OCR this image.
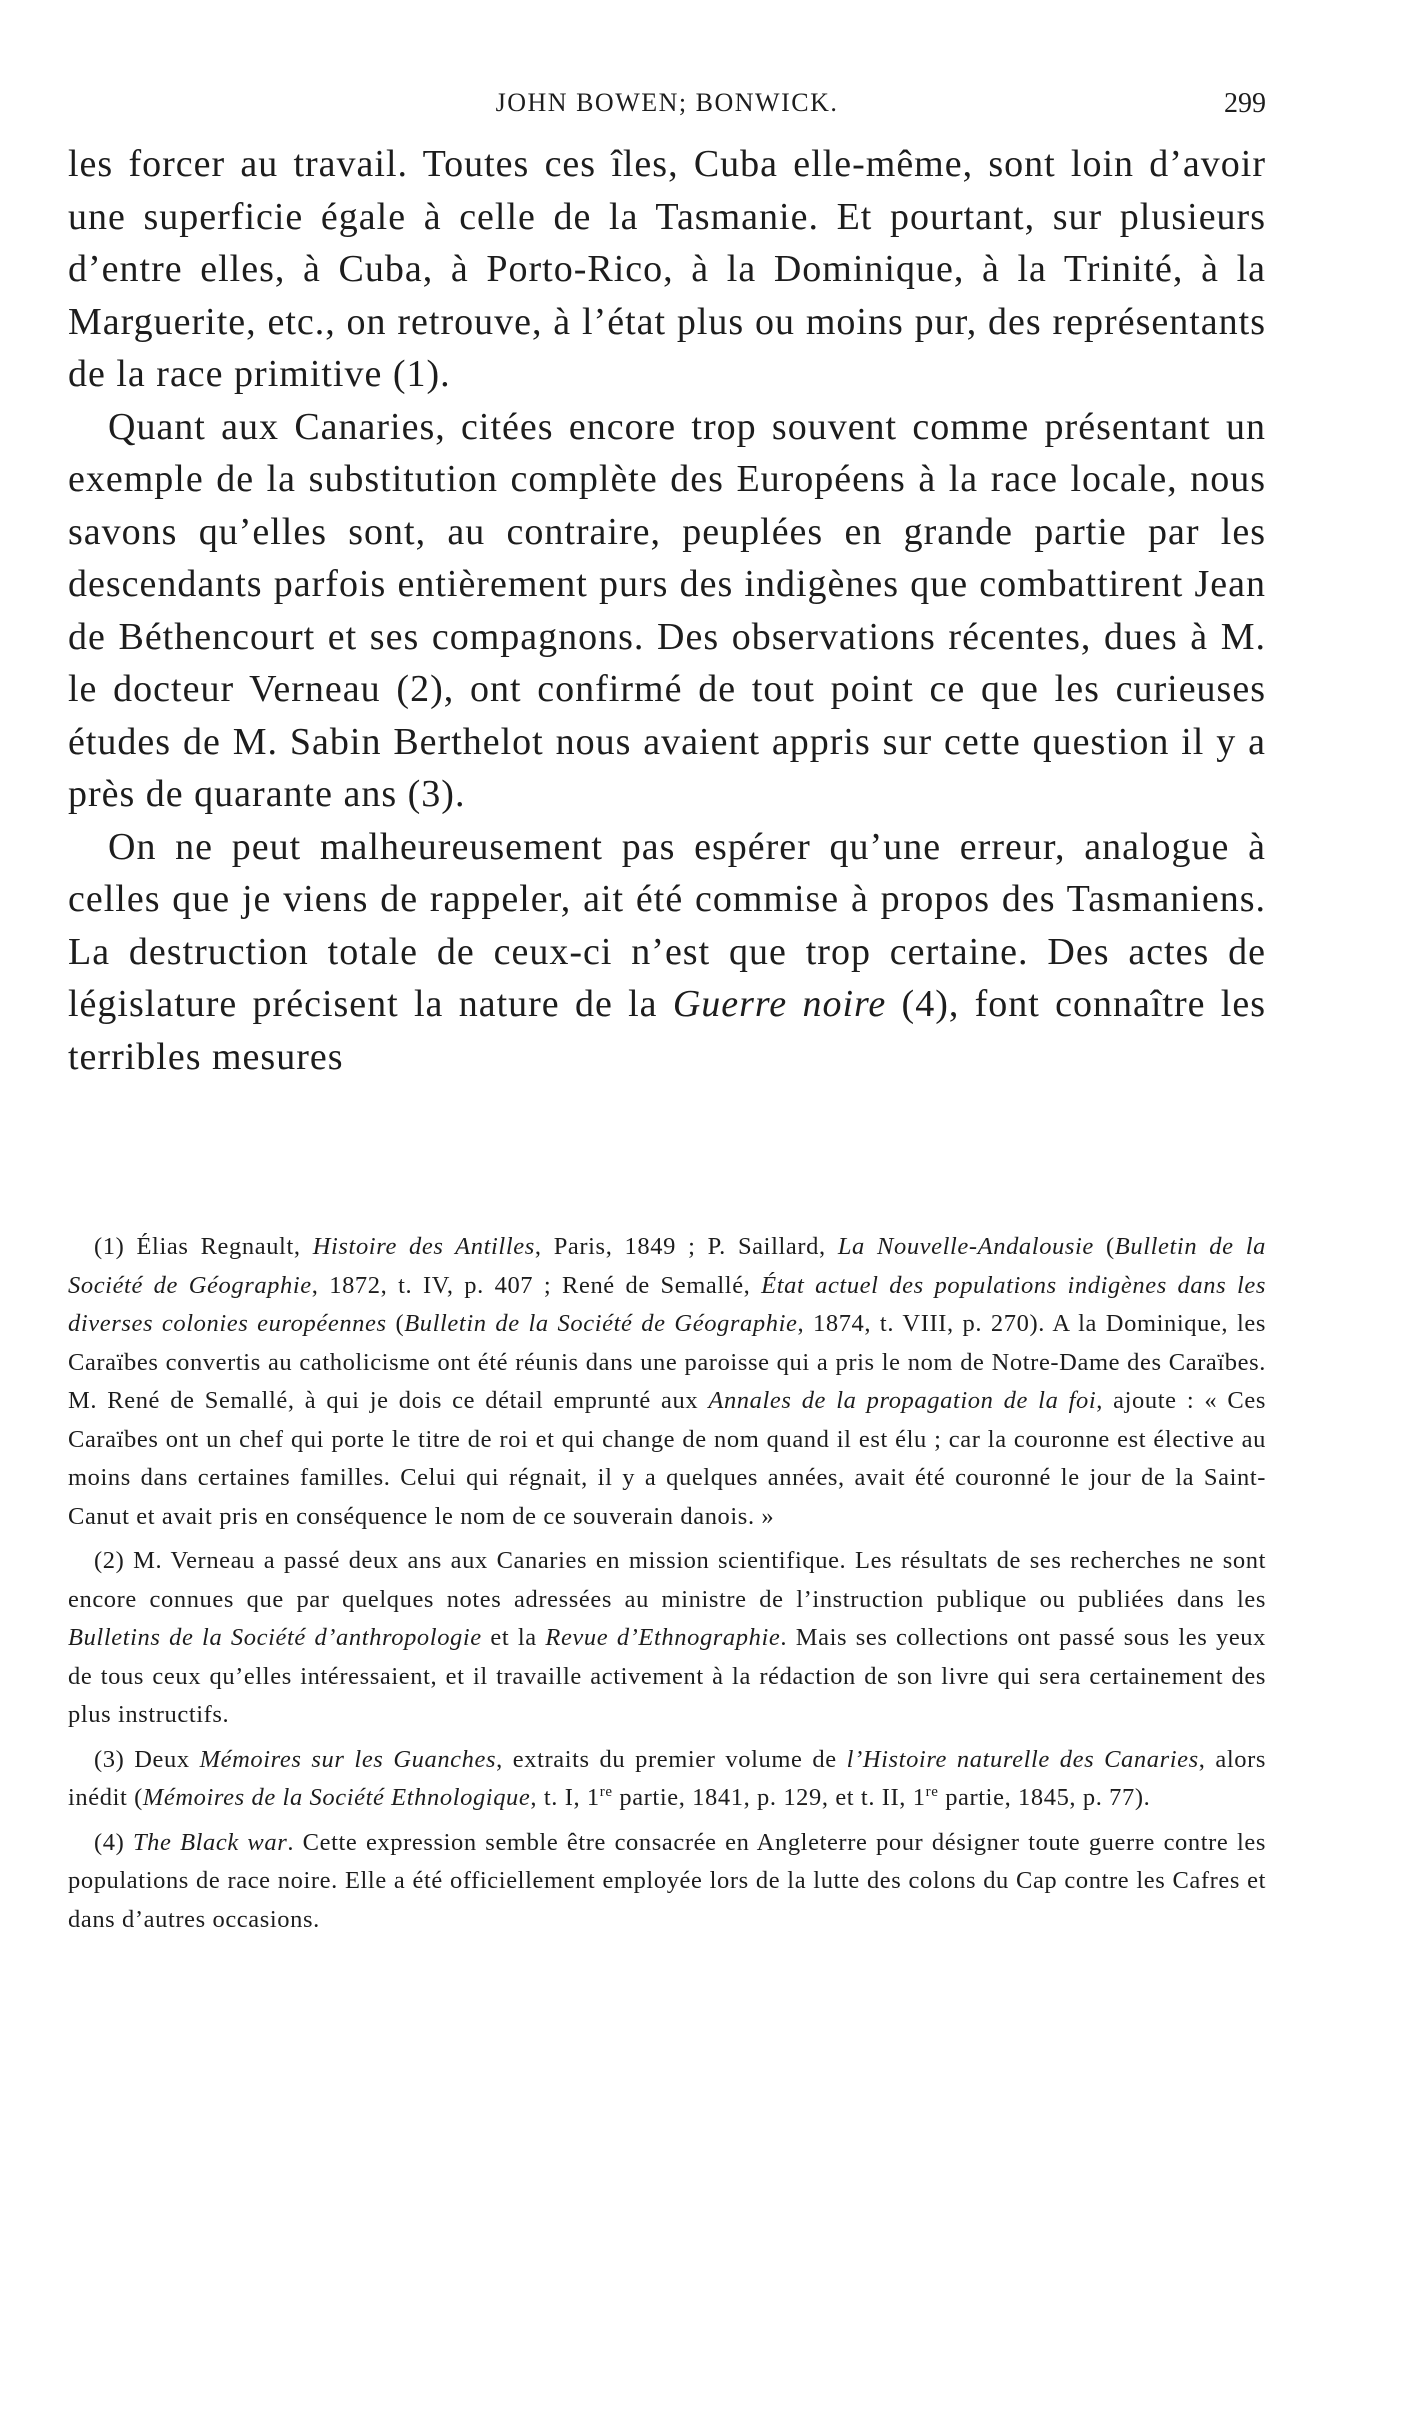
JOHN BOWEN; BONWICK.	299

les forcer au travail. Toutes ces îles, Cuba elle-même, sont loin d’avoir une superficie égale à celle de la Tasmanie. Et pourtant, sur plusieurs d’entre elles, à Cuba, à Porto-Rico, à la Dominique, à la Trinité, à la Marguerite, etc., on retrouve, à l’état plus ou moins pur, des représentants de la race primitive (1).

Quant aux Canaries, citées encore trop souvent comme présentant un exemple de la substitution complète des Européens à la race locale, nous savons qu’elles sont, au contraire, peuplées en grande partie par les descendants parfois entièrement purs des indigènes que combattirent Jean de Béthencourt et ses compagnons. Des observations récentes, dues à M. le docteur Verneau (2), ont confirmé de tout point ce que les curieuses études de M. Sabin Berthelot nous avaient appris sur cette question il y a près de quarante ans (3).

On ne peut malheureusement pas espérer qu’une erreur, analogue à celles que je viens de rappeler, ait été commise à propos des Tasmaniens. La destruction totale de ceux-ci n’est que trop certaine. Des actes de législature précisent la nature de la Guerre noire (4), font connaître les terribles mesures

(1) Élias Regnault, Histoire des Antilles, Paris, 1849 ; P. Saillard, La Nouvelle-Andalousie (Bulletin de la Société de Géographie, 1872, t. IV, p. 407 ; René de Semallé, État actuel des populations indigènes dans les diverses colonies européennes (Bulletin de la Société de Géographie, 1874, t. VIII, p. 270). A la Dominique, les Caraïbes convertis au catholicisme ont été réunis dans une paroisse qui a pris le nom de Notre-Dame des Caraïbes. M. René de Semallé, à qui je dois ce détail emprunté aux Annales de la propagation de la foi, ajoute : « Ces Caraïbes ont un chef qui porte le titre de roi et qui change de nom quand il est élu ; car la couronne est élective au moins dans certaines familles. Celui qui régnait, il y a quelques années, avait été couronné le jour de la Saint-Canut et avait pris en conséquence le nom de ce souverain danois. »

(2) M. Verneau a passé deux ans aux Canaries en mission scientifique. Les résultats de ses recherches ne sont encore connues que par quelques notes adressées au ministre de l’instruction publique ou publiées dans les Bulletins de la Société d’anthropologie et la Revue d’Ethnographie. Mais ses collections ont passé sous les yeux de tous ceux qu’elles intéressaient, et il travaille activement à la rédaction de son livre qui sera certainement des plus instructifs.

(3) Deux Mémoires sur les Guanches, extraits du premier volume de l’Histoire naturelle des Canaries, alors inédit (Mémoires de la Société Ethnologique, t. I, 1re partie, 1841, p. 129, et t. II, 1re partie, 1845, p. 77).

(4) The Black war. Cette expression semble être consacrée en Angleterre pour désigner toute guerre contre les populations de race noire. Elle a été officiellement employée lors de la lutte des colons du Cap contre les Cafres et dans d’autres occasions.
